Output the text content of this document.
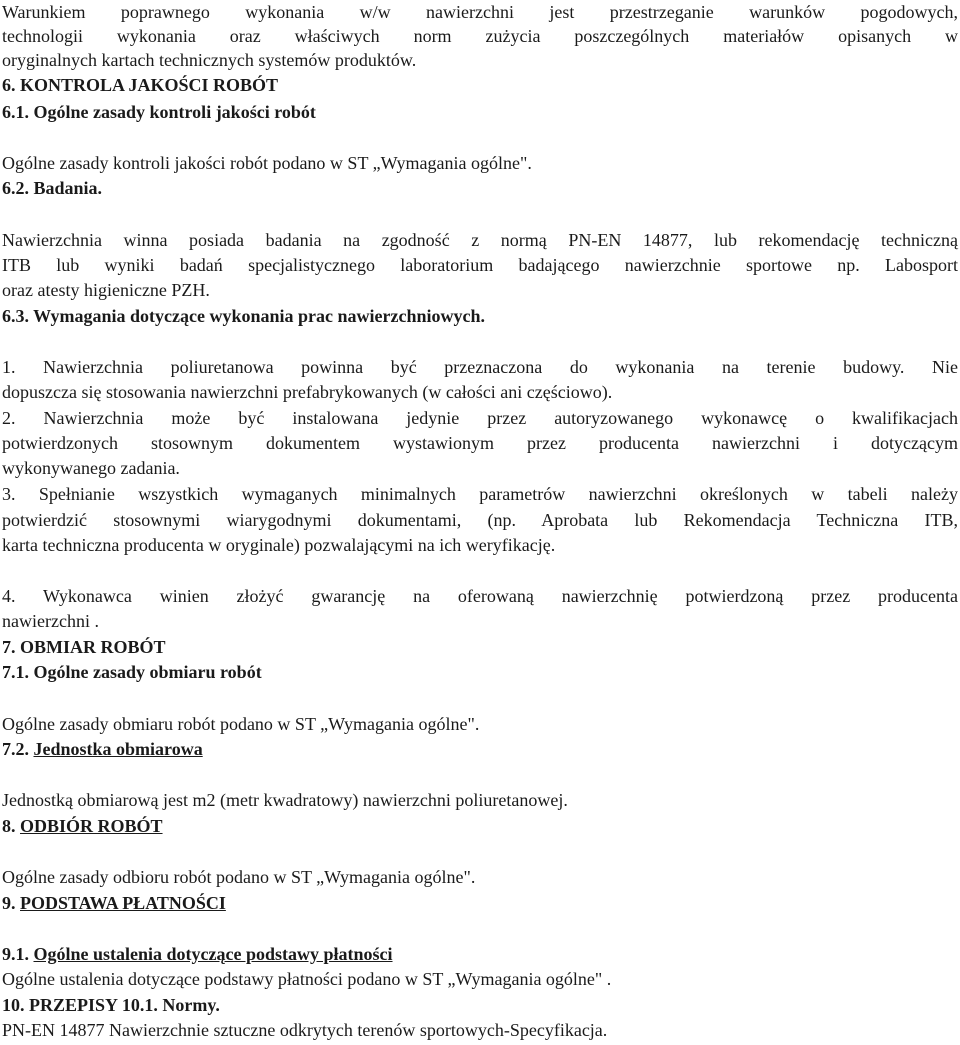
Warunkiem poprawnego wykonania w/w nawierzchni jest przestrzeganie warunków pogodowych,
technologii wykonania oraz właściwych norm zużycia poszczególnych materiałów opisanych w
oryginalnych kartach technicznych systemów produktów.
6. KONTROLA JAKOŚCI ROBÓT
6.1. Ogólne zasady kontroli jakości robót
Ogólne zasady kontroli jakości robót podano w ST „Wymagania ogólne".
6.2. Badania.
Nawierzchnia winna posiada badania na zgodność z normą PN-EN 14877, lub rekomendację techniczną
ITB lub wyniki badań specjalistycznego laboratorium badającego nawierzchnie sportowe np. Labosport
oraz atesty higieniczne PZH.
6.3. Wymagania dotyczące wykonania prac nawierzchniowych.
1. Nawierzchnia poliuretanowa powinna być przeznaczona do wykonania na terenie budowy. Nie
dopuszcza się stosowania nawierzchni prefabrykowanych (w całości ani częściowo).
2. Nawierzchnia może być instalowana jedynie przez autoryzowanego wykonawcę o kwalifikacjach
potwierdzonych stosownym dokumentem wystawionym przez producenta nawierzchni i dotyczącym
wykonywanego zadania.
3. Spełnianie wszystkich wymaganych minimalnych parametrów nawierzchni określonych w tabeli należy
potwierdzić stosownymi wiarygodnymi dokumentami, (np. Aprobata lub Rekomendacja Techniczna ITB,
karta techniczna producenta w oryginale) pozwalającymi na ich weryfikację.
4. Wykonawca winien złożyć gwarancję na oferowaną nawierzchnię potwierdzoną przez producenta
nawierzchni .
7. OBMIAR ROBÓT
7.1. Ogólne zasady obmiaru robót
Ogólne zasady obmiaru robót podano w ST „Wymagania ogólne".
7.2. Jednostka obmiarowa
Jednostką obmiarową jest m2 (metr kwadratowy) nawierzchni poliuretanowej.
8. ODBIÓR ROBÓT
Ogólne zasady odbioru robót podano w ST „Wymagania ogólne".
9. PODSTAWA PŁATNOŚCI
9.1. Ogólne ustalenia dotyczące podstawy płatności
Ogólne ustalenia dotyczące podstawy płatności podano w ST „Wymagania ogólne" .
10. PRZEPISY 10.1. Normy.
PN-EN 14877 Nawierzchnie sztuczne odkrytych terenów sportowych-Specyfikacja.
